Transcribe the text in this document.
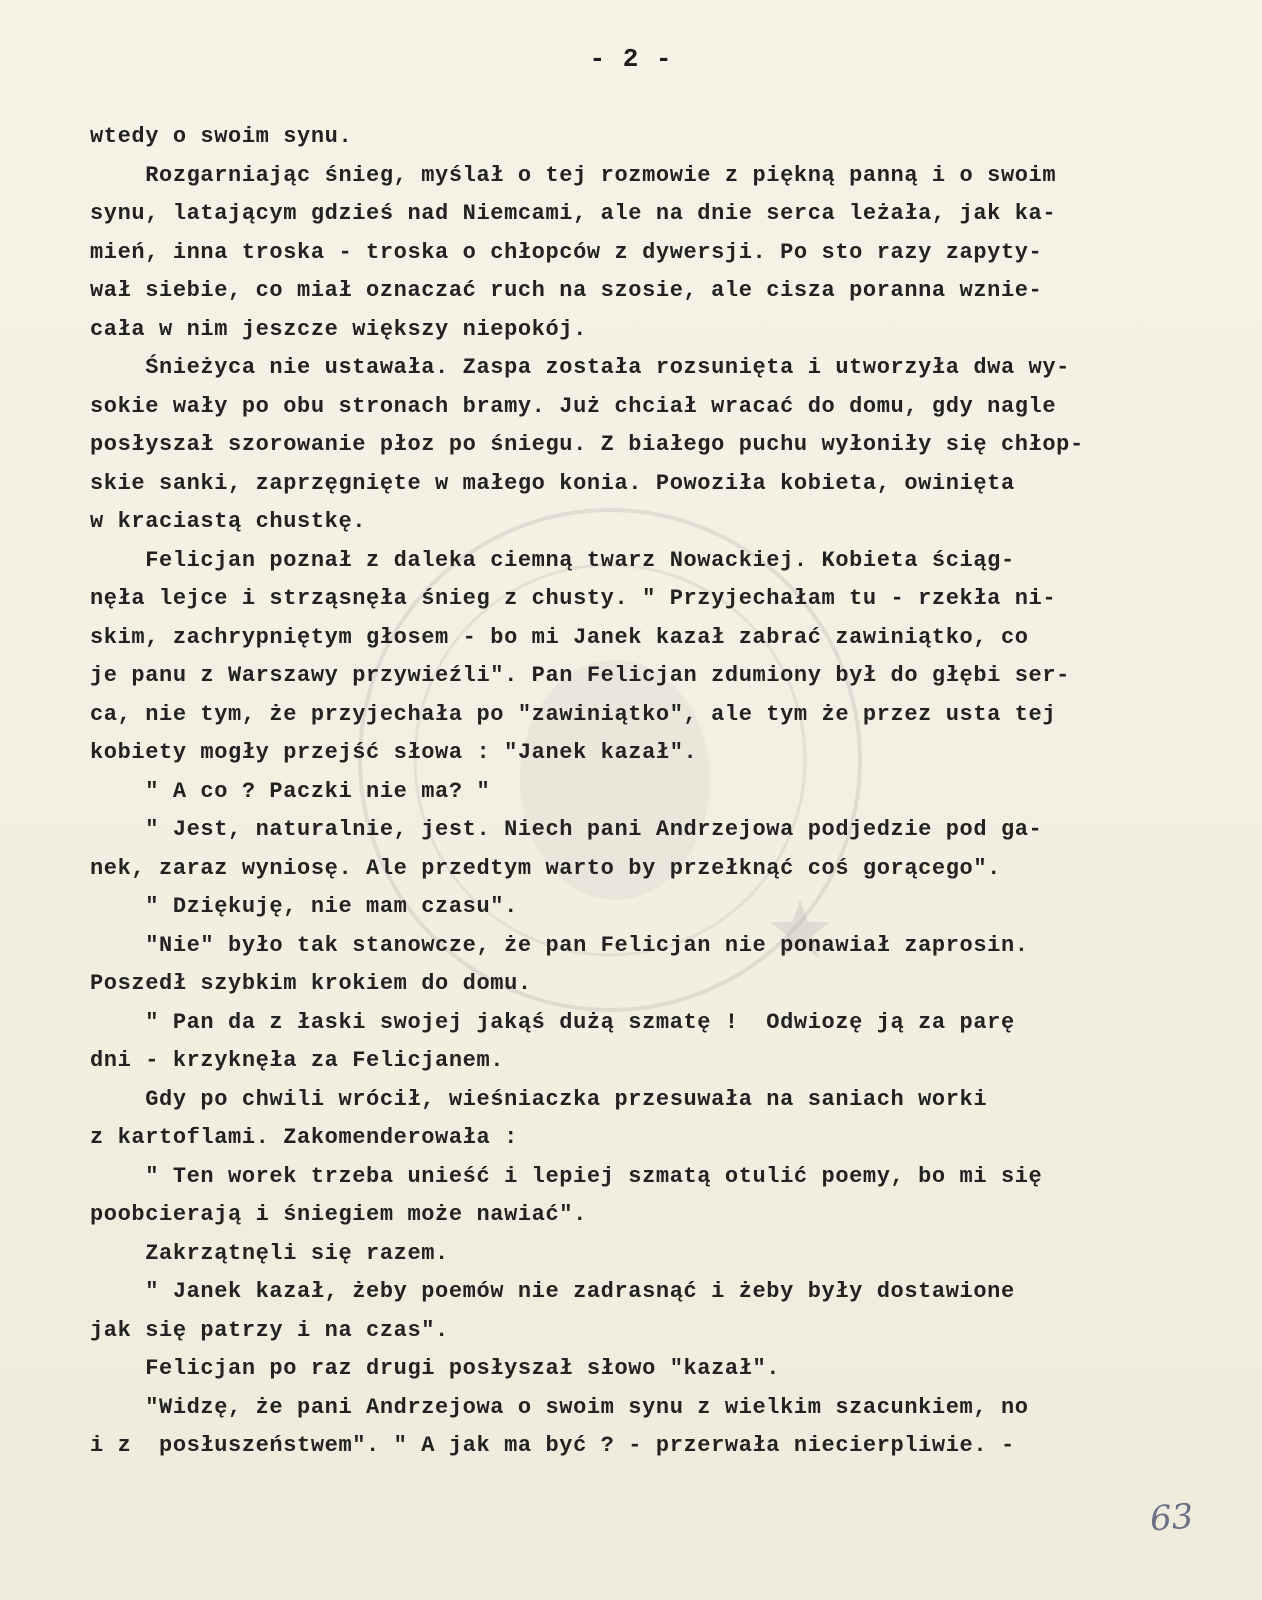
- 2 -
wtedy o swoim synu.
Rozgarniając śnieg, myślał o tej rozmowie z piękną panną i o swoim
synu, latającym gdzieś nad Niemcami, ale na dnie serca leżała, jak ka-
mień, inna troska - troska o chłopców z dywersji. Po sto razy zapyty-
wał siebie, co miał oznaczać ruch na szosie, ale cisza poranna wznie-
cała w nim jeszcze większy niepokój.
Śnieżyca nie ustawała. Zaspa została rozsunięta i utworzyła dwa wy-
sokie wały po obu stronach bramy. Już chciał wracać do domu, gdy nagle
posłyszał szorowanie płoz po śniegu. Z białego puchu wyłoniły się chłop-
skie sanki, zaprzęgnięte w małego konia. Powoziła kobieta, owinięta
w kraciastą chustkę.
Felicjan poznał z daleka ciemną twarz Nowackiej. Kobieta ściąg-
nęła lejce i strząsnęła śnieg z chusty. " Przyjechałam tu - rzekła ni-
skim, zachrypniętym głosem - bo mi Janek kazał zabrać zawiniątko, co
je panu z Warszawy przywieźli". Pan Felicjan zdumiony był do głębi ser-
ca, nie tym, że przyjechała po "zawiniątko", ale tym że przez usta tej
kobiety mogły przejść słowa : "Janek kazał".
" A co ? Paczki nie ma? "
" Jest, naturalnie, jest. Niech pani Andrzejowa podjedzie pod ga-
nek, zaraz wyniosę. Ale przedtym warto by przełknąć coś gorącego".
" Dziękuję, nie mam czasu".
"Nie" było tak stanowcze, że pan Felicjan nie ponawiał zaprosin.
Poszedł szybkim krokiem do domu.
" Pan da z łaski swojej jakąś dużą szmatę !  Odwiozę ją za parę
dni - krzyknęła za Felicjanem.
Gdy po chwili wrócił, wieśniaczka przesuwała na saniach worki
z kartoflami. Zakomenderowała :
" Ten worek trzeba unieść i lepiej szmatą otulić poemy, bo mi się
poobcierają i śniegiem może nawiać".
Zakrzątnęli się razem.
" Janek kazał, żeby poemów nie zadrasnąć i żeby były dostawione
jak się patrzy i na czas".
Felicjan po raz drugi posłyszał słowo "kazał".
"Widzę, że pani Andrzejowa o swoim synu z wielkim szacunkiem, no
i z  posłuszeństwem". " A jak ma być ? - przerwała niecierpliwie. -
63
